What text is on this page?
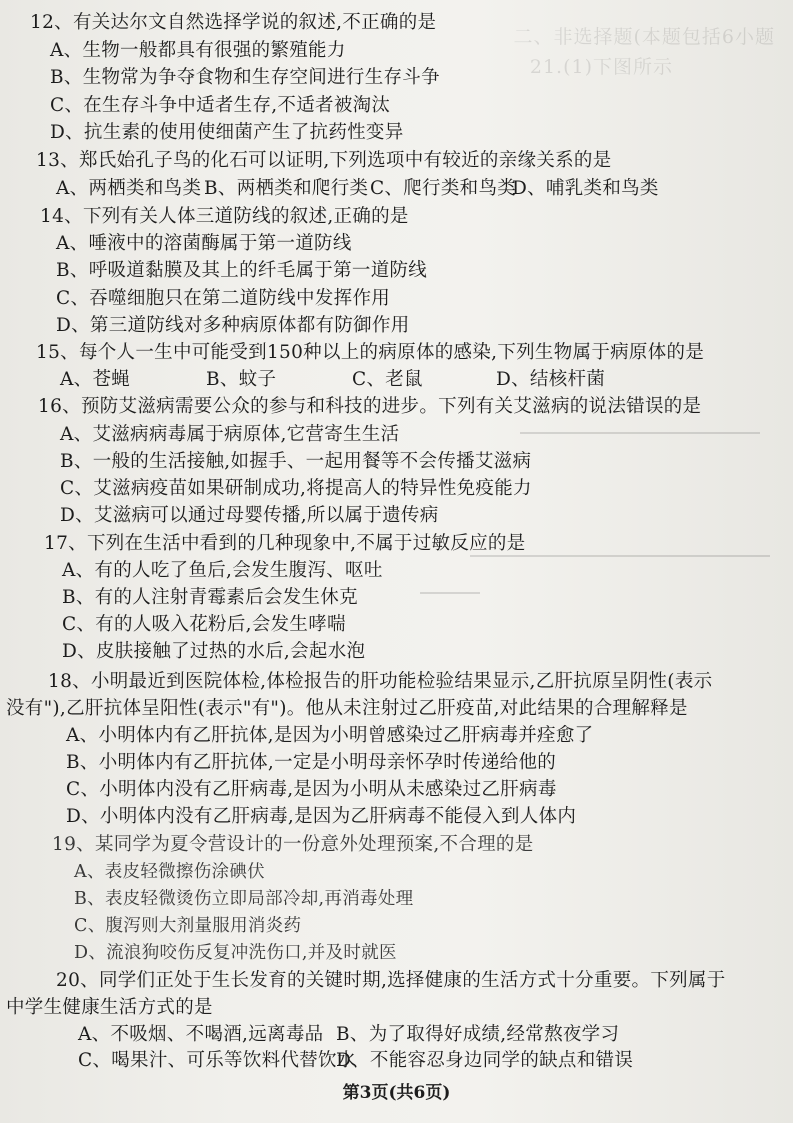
二、非选择题(本题包括6小题
21.(1)下图所示
12、有关达尔文自然选择学说的叙述,不正确的是
A、生物一般都具有很强的繁殖能力
B、生物常为争夺食物和生存空间进行生存斗争
C、在生存斗争中适者生存,不适者被淘汰
D、抗生素的使用使细菌产生了抗药性变异
13、郑氏始孔子鸟的化石可以证明,下列选项中有较近的亲缘关系的是
A、两栖类和鸟类 B、两栖类和爬行类 C、爬行类和鸟类
D、哺乳类和鸟类
14、下列有关人体三道防线的叙述,正确的是
A、唾液中的溶菌酶属于第一道防线
B、呼吸道黏膜及其上的纤毛属于第一道防线
C、吞噬细胞只在第二道防线中发挥作用
D、第三道防线对多种病原体都有防御作用
15、每个人一生中可能受到150种以上的病原体的感染,下列生物属于病原体的是
A、苍蝇	B、蚊子	C、老鼠	D、结核杆菌
16、预防艾滋病需要公众的参与和科技的进步。下列有关艾滋病的说法错误的是
A、艾滋病病毒属于病原体,它营寄生生活
B、一般的生活接触,如握手、一起用餐等不会传播艾滋病
C、艾滋病疫苗如果研制成功,将提高人的特异性免疫能力
D、艾滋病可以通过母婴传播,所以属于遗传病
17、下列在生活中看到的几种现象中,不属于过敏反应的是
A、有的人吃了鱼后,会发生腹泻、呕吐
B、有的人注射青霉素后会发生休克
C、有的人吸入花粉后,会发生哮喘
D、皮肤接触了过热的水后,会起水泡
18、小明最近到医院体检,体检报告的肝功能检验结果显示,乙肝抗原呈阴性(表示
没有"),乙肝抗体呈阳性(表示"有")。他从未注射过乙肝疫苗,对此结果的合理解释是
A、小明体内有乙肝抗体,是因为小明曾感染过乙肝病毒并痊愈了
B、小明体内有乙肝抗体,一定是小明母亲怀孕时传递给他的
C、小明体内没有乙肝病毒,是因为小明从未感染过乙肝病毒
D、小明体内没有乙肝病毒,是因为乙肝病毒不能侵入到人体内
19、某同学为夏令营设计的一份意外处理预案,不合理的是
A、表皮轻微擦伤涂碘伏
B、表皮轻微烫伤立即局部冷却,再消毒处理
C、腹泻则大剂量服用消炎药
D、流浪狗咬伤反复冲洗伤口,并及时就医
20、同学们正处于生长发育的关键时期,选择健康的生活方式十分重要。下列属于
中学生健康生活方式的是
A、不吸烟、不喝酒,远离毒品 B、为了取得好成绩,经常熬夜学习
C、喝果汁、可乐等饮料代替饮水
D、不能容忍身边同学的缺点和错误
第3页(共6页)
